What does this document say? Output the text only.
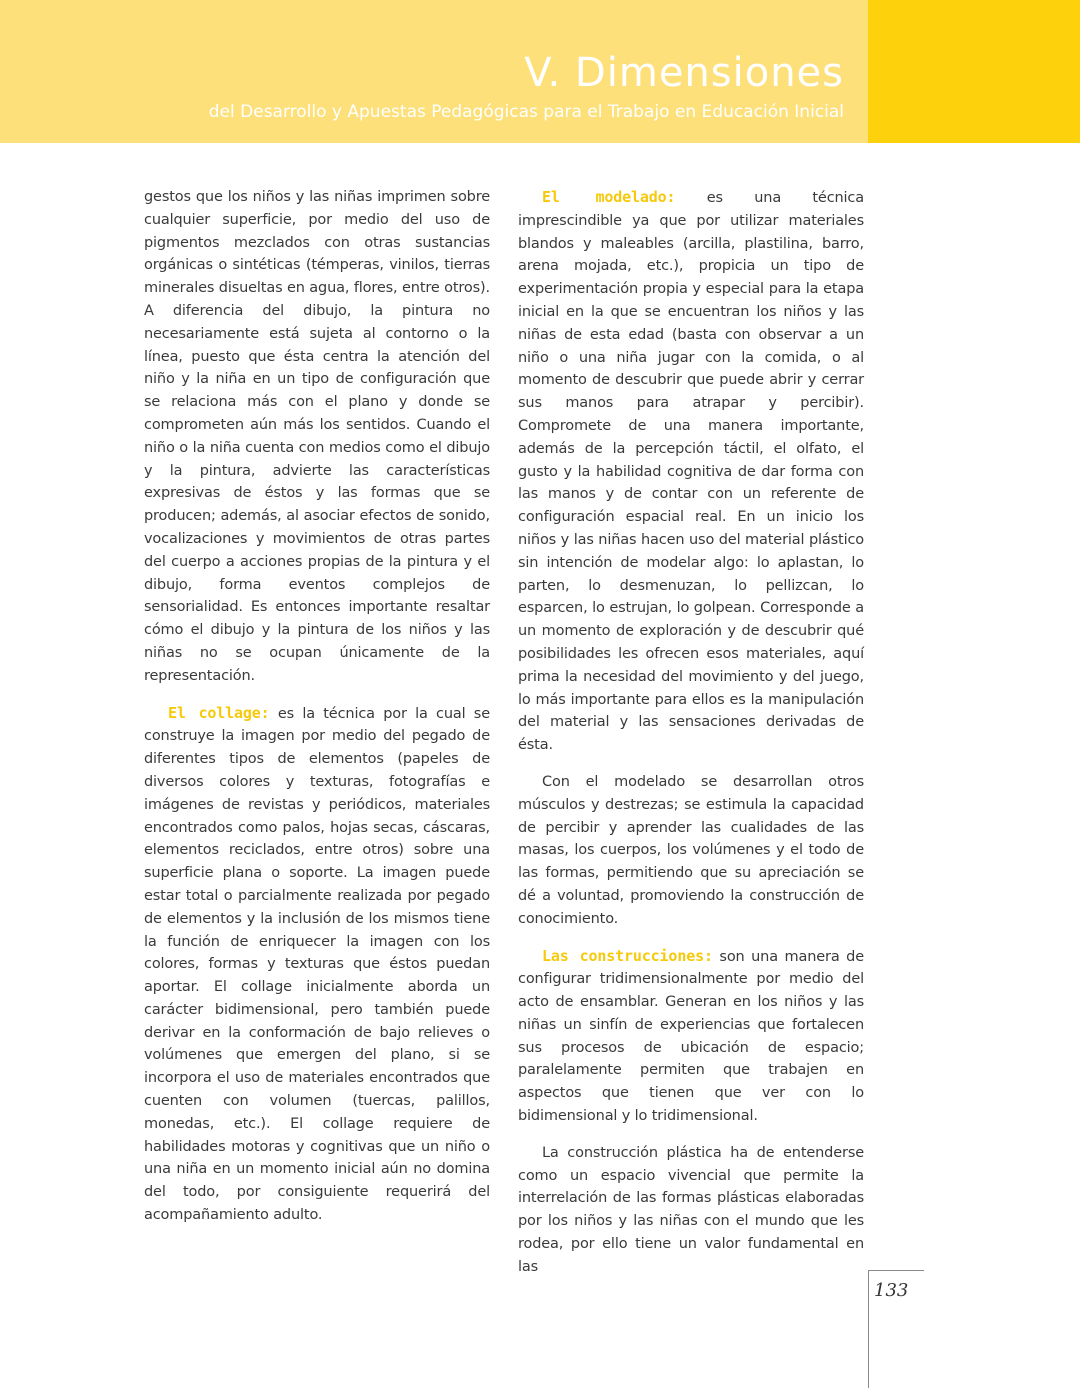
V. Dimensiones
del Desarrollo y Apuestas Pedagógicas para el Trabajo en Educación Inicial

gestos que los niños y las niñas imprimen sobre cualquier superficie, por medio del uso de pigmentos mezclados con otras sustancias orgánicas o sintéticas (témperas, vinilos, tierras minerales disueltas en agua, flores, entre otros). A diferencia del dibujo, la pintura no necesariamente está sujeta al contorno o la línea, puesto que ésta centra la atención del niño y la niña en un tipo de configuración que se relaciona más con el plano y donde se comprometen aún más los sentidos. Cuando el niño o la niña cuenta con medios como el dibujo y la pintura, advierte las características expresivas de éstos y las formas que se producen; además, al asociar efectos de sonido, vocalizaciones y movimientos de otras partes del cuerpo a acciones propias de la pintura y el dibujo, forma eventos complejos de sensorialidad. Es entonces importante resaltar cómo el dibujo y la pintura de los niños y las niñas no se ocupan únicamente de la representación.

El collage: es la técnica por la cual se construye la imagen por medio del pegado de diferentes tipos de elementos (papeles de diversos colores y texturas, fotografías e imágenes de revistas y periódicos, materiales encontrados como palos, hojas secas, cáscaras, elementos reciclados, entre otros) sobre una superficie plana o soporte. La imagen puede estar total o parcialmente realizada por pegado de elementos y la inclusión de los mismos tiene la función de enriquecer la imagen con los colores, formas y texturas que éstos puedan aportar. El collage inicialmente aborda un carácter bidimensional, pero también puede derivar en la conformación de bajo relieves o volúmenes que emergen del plano, si se incorpora el uso de materiales encontrados que cuenten con volumen (tuercas, palillos, monedas, etc.). El collage requiere de habilidades motoras y cognitivas que un niño o una niña en un momento inicial aún no domina del todo, por consiguiente requerirá del acompañamiento adulto.

El modelado: es una técnica imprescindible ya que por utilizar materiales blandos y maleables (arcilla, plastilina, barro, arena mojada, etc.), propicia un tipo de experimentación propia y especial para la etapa inicial en la que se encuentran los niños y las niñas de esta edad (basta con observar a un niño o una niña jugar con la comida, o al momento de descubrir que puede abrir y cerrar sus manos para atrapar y percibir). Compromete de una manera importante, además de la percepción táctil, el olfato, el gusto y la habilidad cognitiva de dar forma con las manos y de contar con un referente de configuración espacial real. En un inicio los niños y las niñas hacen uso del material plástico sin intención de modelar algo: lo aplastan, lo parten, lo desmenuzan, lo pellizcan, lo esparcen, lo estrujan, lo golpean. Corresponde a un momento de exploración y de descubrir qué posibilidades les ofrecen esos materiales, aquí prima la necesidad del movimiento y del juego, lo más importante para ellos es la manipulación del material y las sensaciones derivadas de ésta.

Con el modelado se desarrollan otros músculos y destrezas; se estimula la capacidad de percibir y aprender las cualidades de las masas, los cuerpos, los volúmenes y el todo de las formas, permitiendo que su apreciación se dé a voluntad, promoviendo la construcción de conocimiento.

Las construcciones: son una manera de configurar tridimensionalmente por medio del acto de ensamblar. Generan en los niños y las niñas un sinfín de experiencias que fortalecen sus procesos de ubicación de espacio; paralelamente permiten que trabajen en aspectos que tienen que ver con lo bidimensional y lo tridimensional.

La construcción plástica ha de entenderse como un espacio vivencial que permite la interrelación de las formas plásticas elaboradas por los niños y las niñas con el mundo que les rodea, por ello tiene un valor fundamental en las

133
